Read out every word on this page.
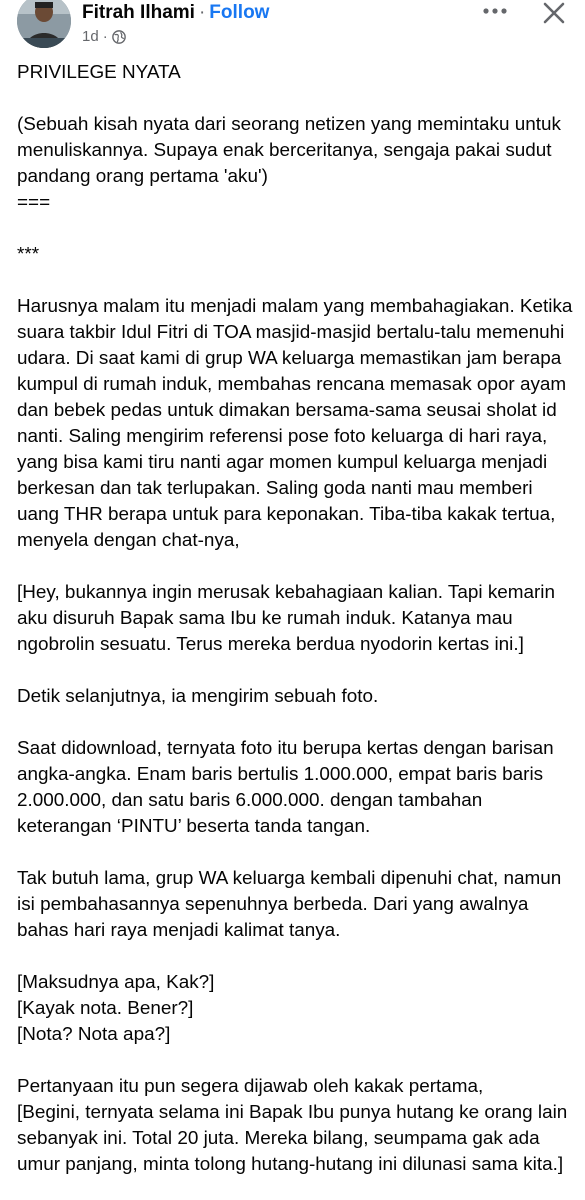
Fitrah Ilhami · Follow
1d ·

PRIVILEGE NYATA

(Sebuah kisah nyata dari seorang netizen yang memintaku untuk menuliskannya. Supaya enak berceritanya, sengaja pakai sudut pandang orang pertama 'aku')
===

***

Harusnya malam itu menjadi malam yang membahagiakan. Ketika suara takbir Idul Fitri di TOA masjid-masjid bertalu-talu memenuhi udara. Di saat kami di grup WA keluarga memastikan jam berapa kumpul di rumah induk, membahas rencana memasak opor ayam dan bebek pedas untuk dimakan bersama-sama seusai sholat id nanti. Saling mengirim referensi pose foto keluarga di hari raya, yang bisa kami tiru nanti agar momen kumpul keluarga menjadi berkesan dan tak terlupakan. Saling goda nanti mau memberi uang THR berapa untuk para keponakan. Tiba-tiba kakak tertua, menyela dengan chat-nya,

[Hey, bukannya ingin merusak kebahagiaan kalian. Tapi kemarin aku disuruh Bapak sama Ibu ke rumah induk. Katanya mau ngobrolin sesuatu. Terus mereka berdua nyodorin kertas ini.]

Detik selanjutnya, ia mengirim sebuah foto.

Saat didownload, ternyata foto itu berupa kertas dengan barisan angka-angka. Enam baris bertulis 1.000.000, empat baris baris 2.000.000, dan satu baris 6.000.000. dengan tambahan keterangan ‘PINTU’ beserta tanda tangan.

Tak butuh lama, grup WA keluarga kembali dipenuhi chat, namun isi pembahasannya sepenuhnya berbeda. Dari yang awalnya bahas hari raya menjadi kalimat tanya.

[Maksudnya apa, Kak?]
[Kayak nota. Bener?]
[Nota? Nota apa?]

Pertanyaan itu pun segera dijawab oleh kakak pertama,
[Begini, ternyata selama ini Bapak Ibu punya hutang ke orang lain sebanyak ini. Total 20 juta. Mereka bilang, seumpama gak ada umur panjang, minta tolong hutang-hutang ini dilunasi sama kita.]
